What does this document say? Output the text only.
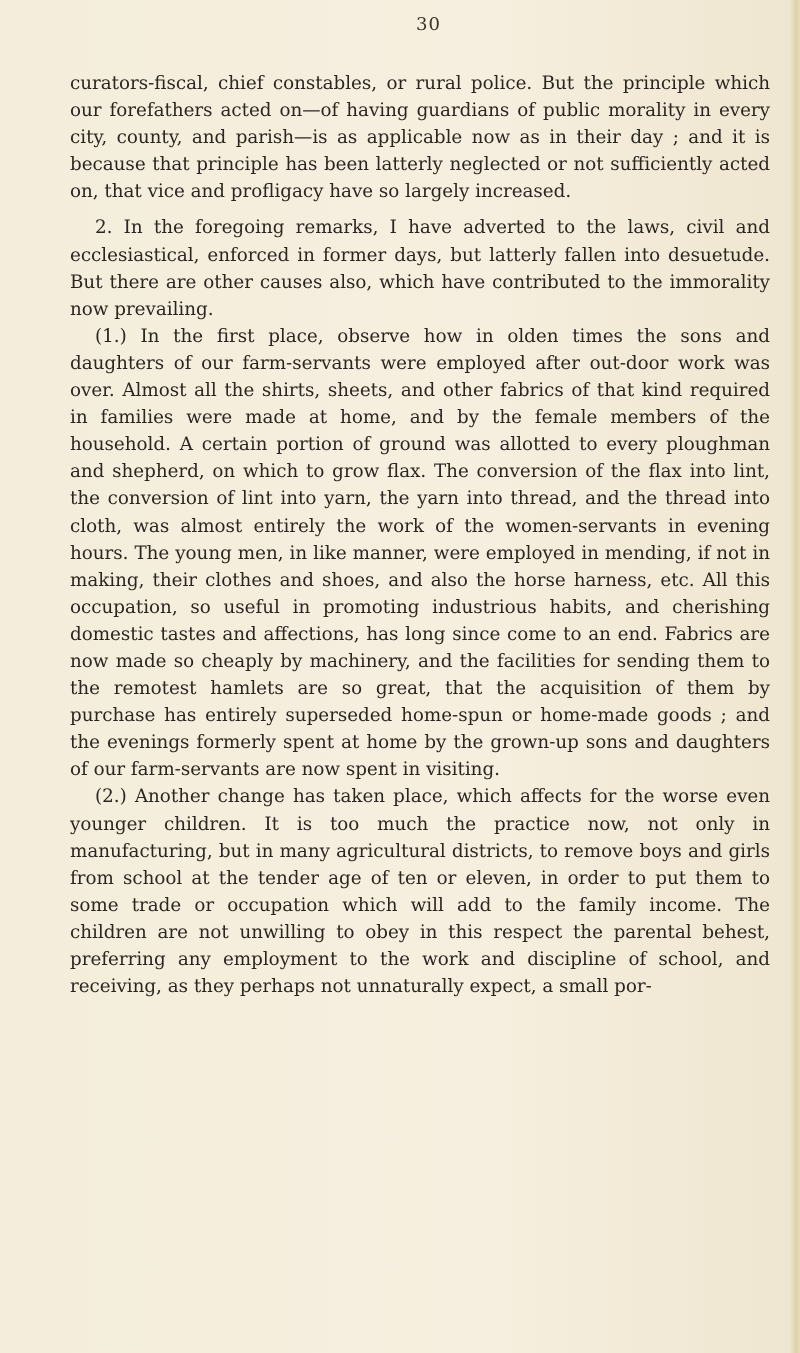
30

curators-fiscal, chief constables, or rural police. But the principle which our forefathers acted on—of having guardians of public morality in every city, county, and parish—is as applicable now as in their day ; and it is because that principle has been latterly neglected or not sufficiently acted on, that vice and profligacy have so largely increased.

2. In the foregoing remarks, I have adverted to the laws, civil and ecclesiastical, enforced in former days, but latterly fallen into desuetude. But there are other causes also, which have contributed to the immorality now prevailing.

(1.) In the first place, observe how in olden times the sons and daughters of our farm-servants were employed after out-door work was over. Almost all the shirts, sheets, and other fabrics of that kind required in families were made at home, and by the female members of the household. A certain portion of ground was allotted to every ploughman and shepherd, on which to grow flax. The conversion of the flax into lint, the conversion of lint into yarn, the yarn into thread, and the thread into cloth, was almost entirely the work of the women-servants in evening hours. The young men, in like manner, were employed in mending, if not in making, their clothes and shoes, and also the horse harness, etc. All this occupation, so useful in promoting industrious habits, and cherishing domestic tastes and affections, has long since come to an end. Fabrics are now made so cheaply by machinery, and the facilities for sending them to the remotest hamlets are so great, that the acquisition of them by purchase has entirely superseded home-spun or home-made goods ; and the evenings formerly spent at home by the grown-up sons and daughters of our farm-servants are now spent in visiting.

(2.) Another change has taken place, which affects for the worse even younger children. It is too much the practice now, not only in manufacturing, but in many agricultural districts, to remove boys and girls from school at the tender age of ten or eleven, in order to put them to some trade or occupation which will add to the family income. The children are not unwilling to obey in this respect the parental behest, preferring any employment to the work and discipline of school, and receiving, as they perhaps not unnaturally expect, a small por-
